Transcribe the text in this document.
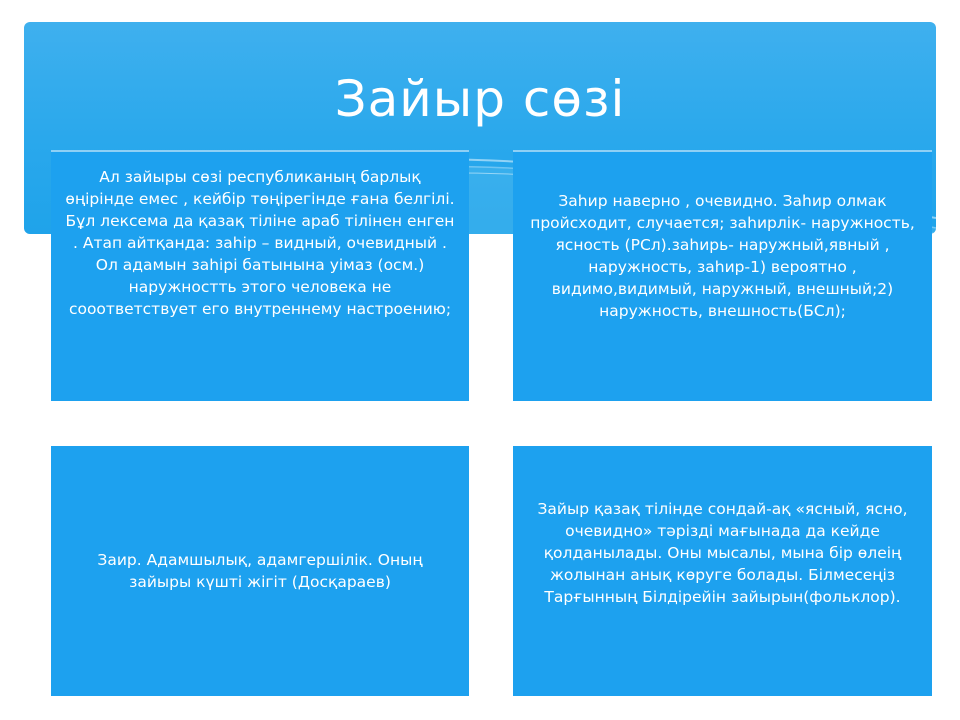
Зайыр сөзі
Ал зайыры сөзі республиканың барлық өңірінде емес , кейбір төңірегінде ғана белгілі. Бұл лексема да қазақ тіліне араб тілінен енген . Атап айтқанда: заһір – видный, очевидный . Ол адамын заһірі батынына уімаз (осм.) наружностть этого человека не сооответствует его внутреннему настроению;
Заһир наверно , очевидно. Заһир олмак пройсходит, случается; заһирлік- наружность, ясность (РСл).заһирь- наружный,явный , наружность, заһир-1) вероятно , видимо,видимый, наружный, внешный;2) наружность, внешность(БСл);
Заир. Адамшылық, адамгершілік. Оның зайыры күшті жігіт (Досқараев)
Зайыр қазақ тілінде сондай-ақ «ясный, ясно, очевидно» тәрізді мағынада да кейде қолданылады. Оны мысалы, мына бір өлеің жолынан анық көруге болады. Білмесеңіз Тарғынның Білдірейін зайырын(фольклор).
